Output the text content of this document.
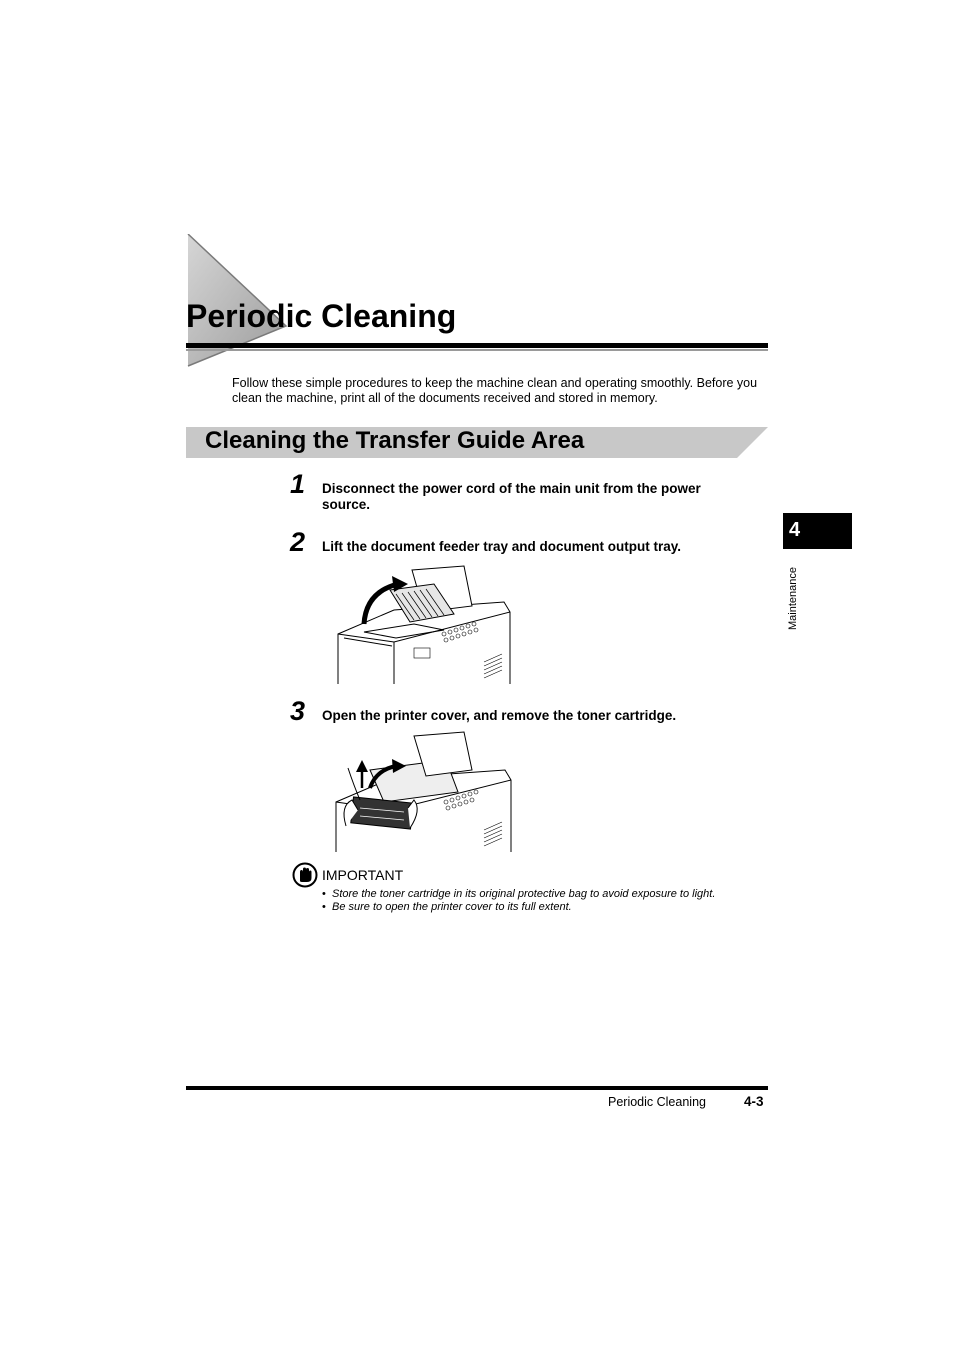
Periodic Cleaning

Follow these simple procedures to keep the machine clean and operating smoothly. Before you clean the machine, print all of the documents received and stored in memory.

Cleaning the Transfer Guide Area
1 Disconnect the power cord of the main unit from the power source.

2 Lift the document feeder tray and document output tray.

3 Open the printer cover, and remove the toner cartridge.

IMPORTANT
• Store the toner cartridge in its original protective bag to avoid exposure to light.
• Be sure to open the printer cover to its full extent.
4
Maintenance
Periodic Cleaning	4-3
